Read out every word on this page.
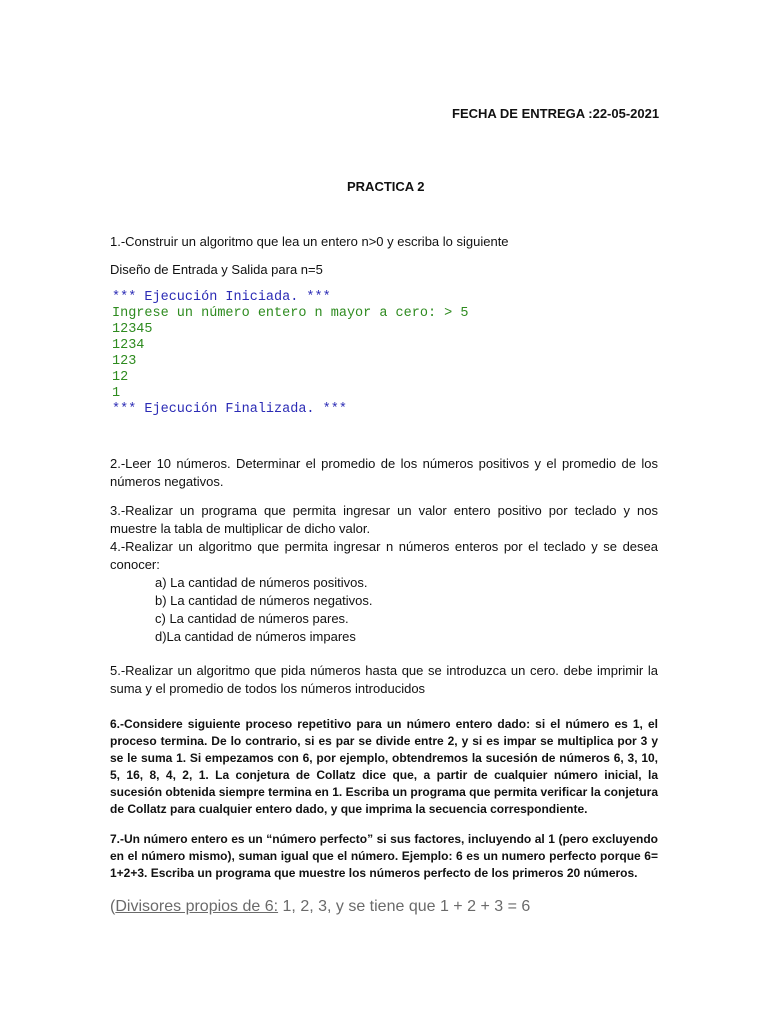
FECHA DE ENTREGA :22-05-2021
PRACTICA 2
1.-Construir un algoritmo que lea un entero n>0 y escriba lo siguiente
Diseño de Entrada y Salida para n=5
*** Ejecución Iniciada. ***
Ingrese un número entero n mayor a cero: > 5
12345
1234
123
12
1
*** Ejecución Finalizada. ***
2.-Leer 10 números. Determinar el promedio de los números positivos y el promedio de los números negativos.
3.-Realizar un programa que permita ingresar un valor entero positivo por teclado y nos muestre la tabla de multiplicar de dicho valor.
4.-Realizar un algoritmo que permita ingresar n números enteros por el teclado y se desea conocer:
a) La cantidad de números positivos.
b) La cantidad de números negativos.
c) La cantidad de números pares.
d)La cantidad de números impares
5.-Realizar un algoritmo que pida números hasta que se introduzca un cero. debe imprimir la suma y el promedio de todos los números introducidos
6.-Considere siguiente proceso repetitivo para un número entero dado: si el número es 1, el proceso termina. De lo contrario, si es par se divide entre 2, y si es impar se multiplica por 3 y se le suma 1. Si empezamos con 6, por ejemplo, obtendremos la sucesión de números 6, 3, 10, 5, 16, 8, 4, 2, 1. La conjetura de Collatz dice que, a partir de cualquier número inicial, la sucesión obtenida siempre termina en 1. Escriba un programa que permita verificar la conjetura de Collatz para cualquier entero dado, y que imprima la secuencia correspondiente.
7.-Un número entero es un “número perfecto” si sus factores, incluyendo al 1 (pero excluyendo en el número mismo), suman igual que el número. Ejemplo: 6 es un numero perfecto porque 6= 1+2+3. Escriba un programa que muestre los números perfecto de los primeros 20 números.
(Divisores propios de 6: 1, 2, 3, y se tiene que 1 + 2 + 3 = 6
